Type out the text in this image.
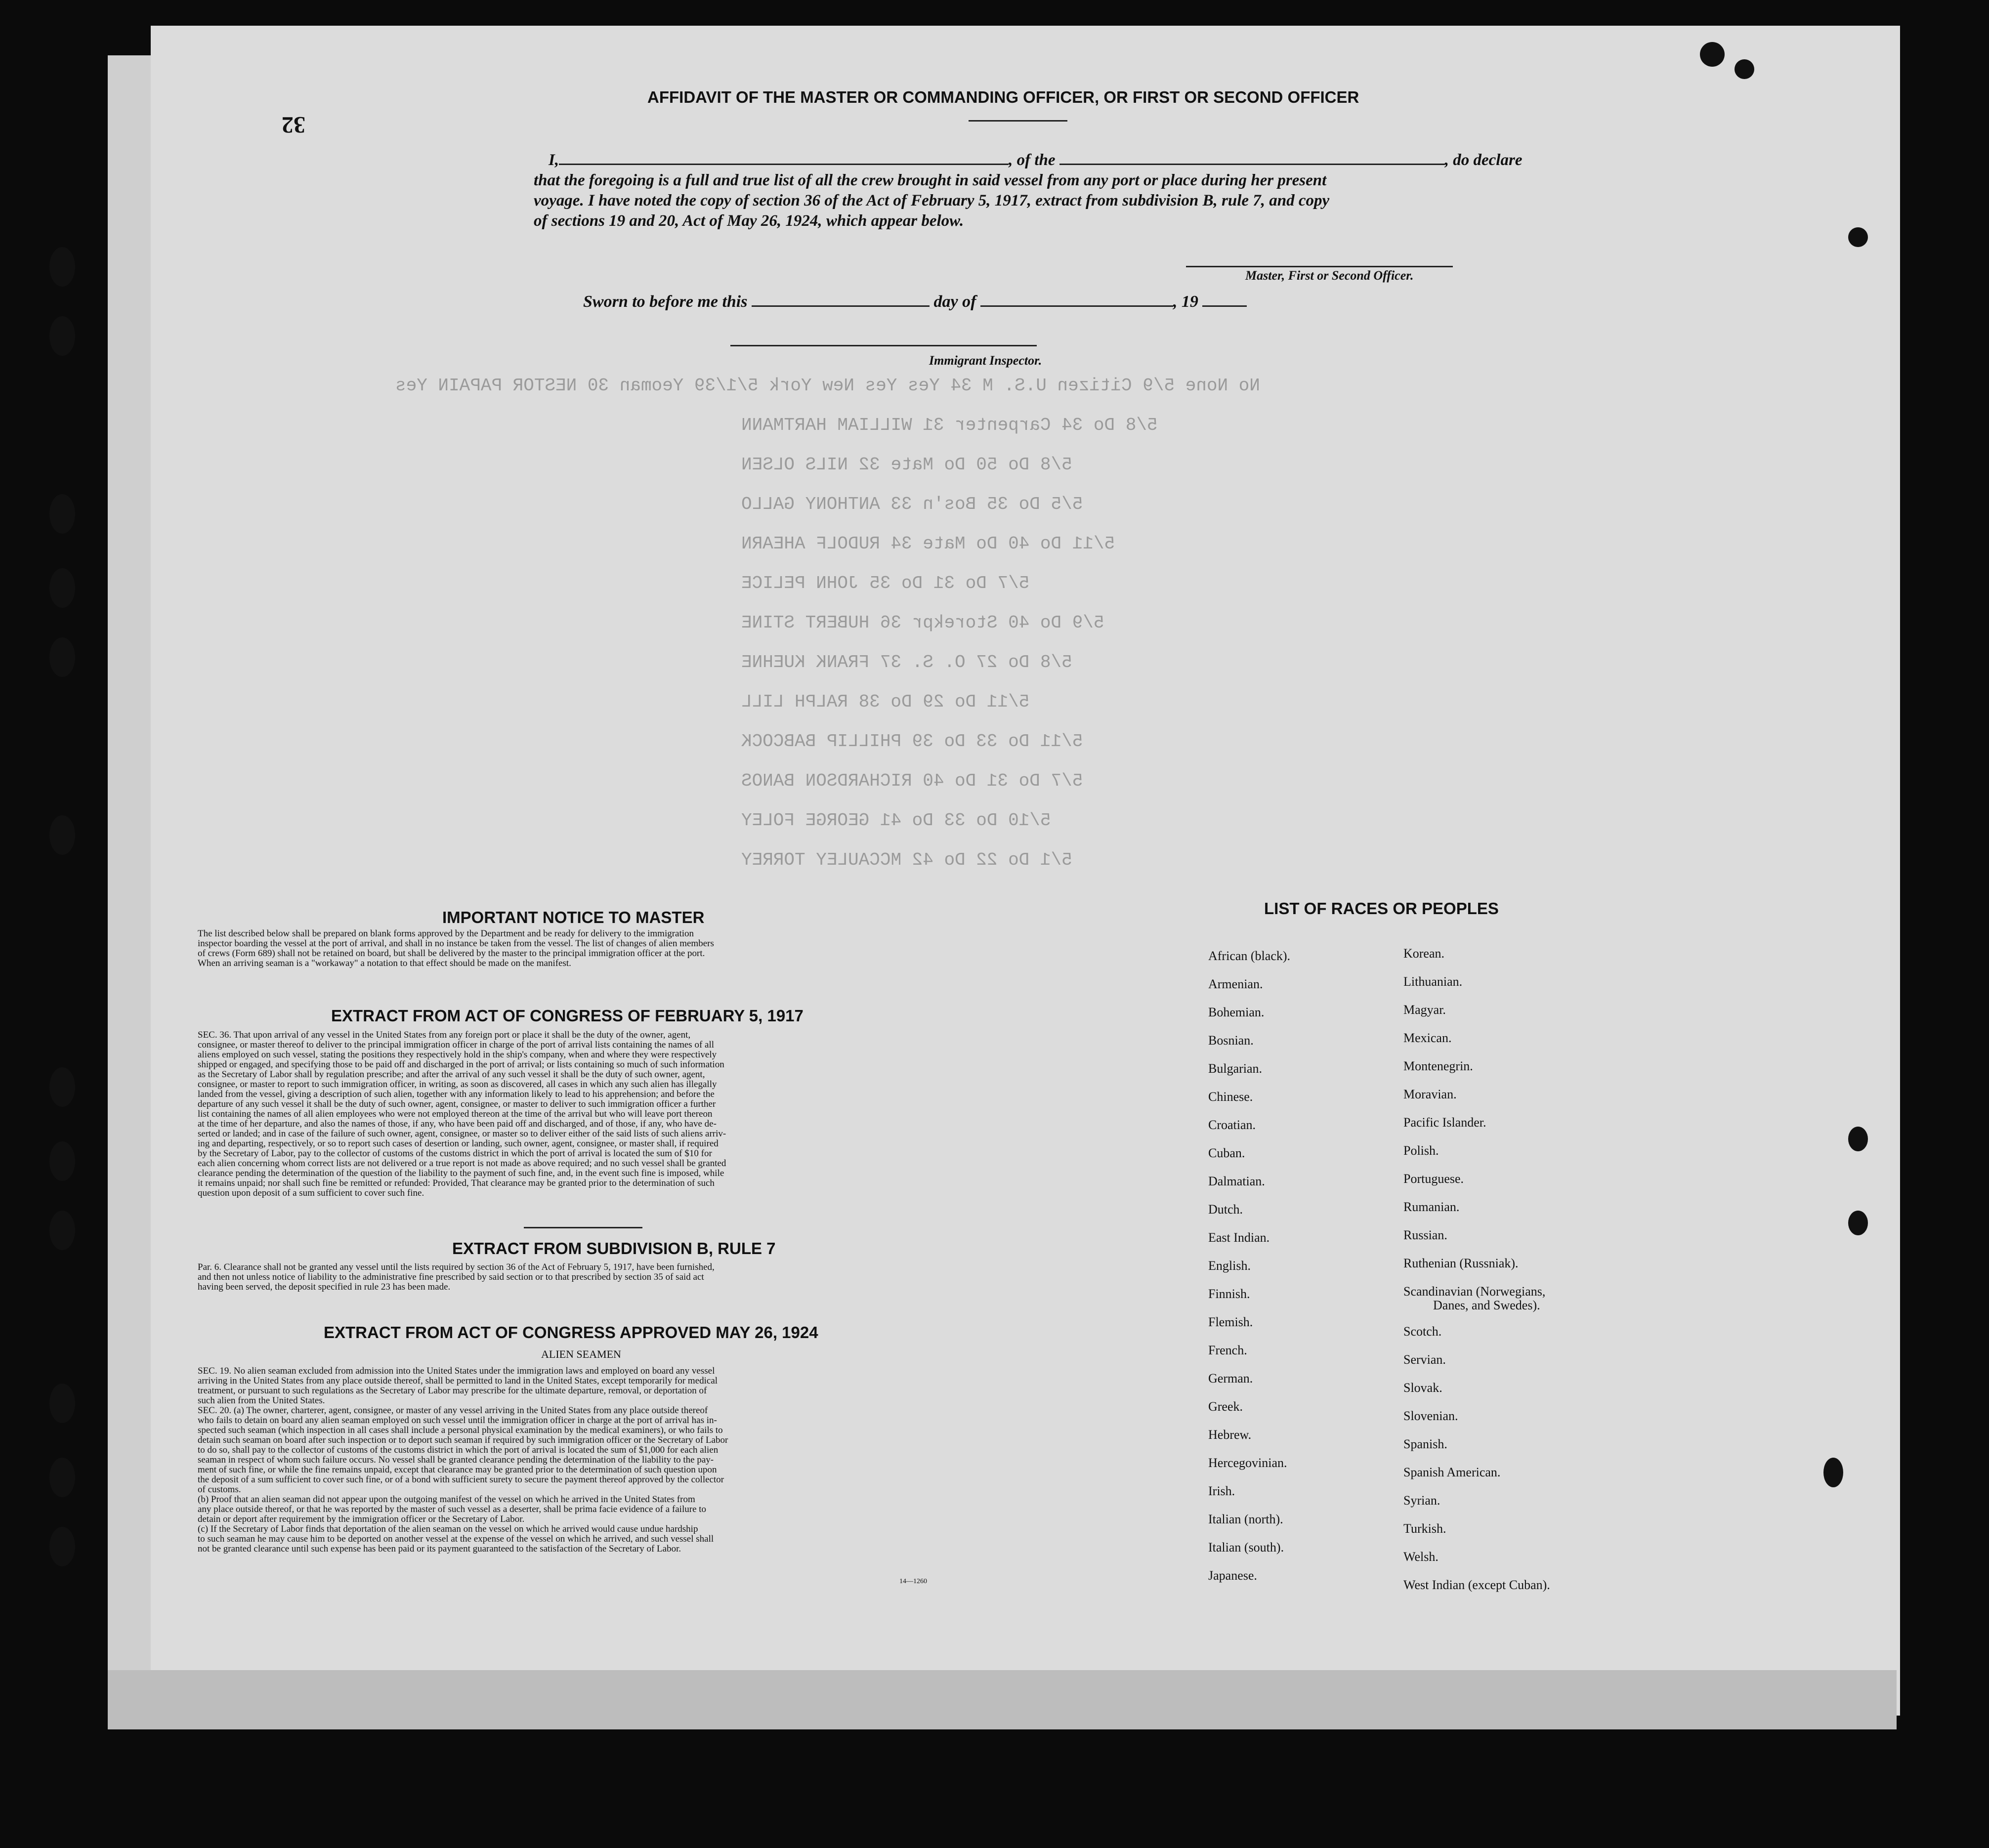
No None 5/9 Citizen U.S. M 34 Yes Yes New York 5/1/39 Yeoman 30 NESTOR PAPAIN Yes
5/8 Do 34 Carpenter 31 WILLIAM HARTMANN
5/8 Do 50 Do Mate 32 NILS OLSEN
5/5 Do 35 Bos'n 33 ANTHONY GALLO
5/11 Do 40 Do Mate 34 RUDOLF AHEARN
5/7 Do 31 Do 35 JOHN PELICE
5/9 Do 40 Storekpr 36 HUBERT STINE
5/8 Do 27 O. S. 37 FRANK KUEHNE
5/11 Do 29 Do 38 RALPH LILL
5/11 Do 33 Do 39 PHILLIP BABCOCK
5/7 Do 31 Do 40 RICHARDSON BANOS
5/10 Do 33 Do 41 GEORGE FOLEY
5/1 Do 22 Do 42 MCCAULEY TORREY
32
AFFIDAVIT OF THE MASTER OR COMMANDING OFFICER, OR FIRST OR SECOND OFFICER
I,	, of the	, do declare
that the foregoing is a full and true list of all the crew brought in said vessel from any port or place during her present
voyage. I have noted the copy of section 36 of the Act of February 5, 1917, extract from subdivision B, rule 7, and copy
of sections 19 and 20, Act of May 26, 1924, which appear below.
Master, First or Second Officer.
Sworn to before me this	day of	, 19
Immigrant Inspector.
IMPORTANT NOTICE TO MASTER
The list described below shall be prepared on blank forms approved by the Department and be ready for delivery to the immigration
inspector boarding the vessel at the port of arrival, and shall in no instance be taken from the vessel. The list of changes of alien members
of crews (Form 689) shall not be retained on board, but shall be delivered by the master to the principal immigration officer at the port.
When an arriving seaman is a "workaway" a notation to that effect should be made on the manifest.
EXTRACT FROM ACT OF CONGRESS OF FEBRUARY 5, 1917
SEC. 36. That upon arrival of any vessel in the United States from any foreign port or place it shall be the duty of the owner, agent,
consignee, or master thereof to deliver to the principal immigration officer in charge of the port of arrival lists containing the names of all
aliens employed on such vessel, stating the positions they respectively hold in the ship's company, when and where they were respectively
shipped or engaged, and specifying those to be paid off and discharged in the port of arrival; or lists containing so much of such information
as the Secretary of Labor shall by regulation prescribe; and after the arrival of any such vessel it shall be the duty of such owner, agent,
consignee, or master to report to such immigration officer, in writing, as soon as discovered, all cases in which any such alien has illegally
landed from the vessel, giving a description of such alien, together with any information likely to lead to his apprehension; and before the
departure of any such vessel it shall be the duty of such owner, agent, consignee, or master to deliver to such immigration officer a further
list containing the names of all alien employees who were not employed thereon at the time of the arrival but who will leave port thereon
at the time of her departure, and also the names of those, if any, who have been paid off and discharged, and of those, if any, who have de-
serted or landed; and in case of the failure of such owner, agent, consignee, or master so to deliver either of the said lists of such aliens arriv-
ing and departing, respectively, or so to report such cases of desertion or landing, such owner, agent, consignee, or master shall, if required
by the Secretary of Labor, pay to the collector of customs of the customs district in which the port of arrival is located the sum of $10 for
each alien concerning whom correct lists are not delivered or a true report is not made as above required; and no such vessel shall be granted
clearance pending the determination of the question of the liability to the payment of such fine, and, in the event such fine is imposed, while
it remains unpaid; nor shall such fine be remitted or refunded: Provided, That clearance may be granted prior to the determination of such
question upon deposit of a sum sufficient to cover such fine.
EXTRACT FROM SUBDIVISION B, RULE 7
Par. 6. Clearance shall not be granted any vessel until the lists required by section 36 of the Act of February 5, 1917, have been furnished,
and then not unless notice of liability to the administrative fine prescribed by said section or to that prescribed by section 35 of said act
having been served, the deposit specified in rule 23 has been made.
EXTRACT FROM ACT OF CONGRESS APPROVED MAY 26, 1924
ALIEN SEAMEN
SEC. 19. No alien seaman excluded from admission into the United States under the immigration laws and employed on board any vessel
arriving in the United States from any place outside thereof, shall be permitted to land in the United States, except temporarily for medical
treatment, or pursuant to such regulations as the Secretary of Labor may prescribe for the ultimate departure, removal, or deportation of
such alien from the United States.
SEC. 20. (a) The owner, charterer, agent, consignee, or master of any vessel arriving in the United States from any place outside thereof
who fails to detain on board any alien seaman employed on such vessel until the immigration officer in charge at the port of arrival has in-
spected such seaman (which inspection in all cases shall include a personal physical examination by the medical examiners), or who fails to
detain such seaman on board after such inspection or to deport such seaman if required by such immigration officer or the Secretary of Labor
to do so, shall pay to the collector of customs of the customs district in which the port of arrival is located the sum of $1,000 for each alien
seaman in respect of whom such failure occurs. No vessel shall be granted clearance pending the determination of the liability to the pay-
ment of such fine, or while the fine remains unpaid, except that clearance may be granted prior to the determination of such question upon
the deposit of a sum sufficient to cover such fine, or of a bond with sufficient surety to secure the payment thereof approved by the collector
of customs.
(b) Proof that an alien seaman did not appear upon the outgoing manifest of the vessel on which he arrived in the United States from
any place outside thereof, or that he was reported by the master of such vessel as a deserter, shall be prima facie evidence of a failure to
detain or deport after requirement by the immigration officer or the Secretary of Labor.
(c) If the Secretary of Labor finds that deportation of the alien seaman on the vessel on which he arrived would cause undue hardship
to such seaman he may cause him to be deported on another vessel at the expense of the vessel on which he arrived, and such vessel shall
not be granted clearance until such expense has been paid or its payment guaranteed to the satisfaction of the Secretary of Labor.
14—1260
LIST OF RACES OR PEOPLES
African (black).
Armenian.
Bohemian.
Bosnian.
Bulgarian.
Chinese.
Croatian.
Cuban.
Dalmatian.
Dutch.
East Indian.
English.
Finnish.
Flemish.
French.
German.
Greek.
Hebrew.
Hercegovinian.
Irish.
Italian (north).
Italian (south).
Japanese.
Korean.
Lithuanian.
Magyar.
Mexican.
Montenegrin.
Moravian.
Pacific Islander.
Polish.
Portuguese.
Rumanian.
Russian.
Ruthenian (Russniak).
Scandinavian (Norwegians,
Danes, and Swedes).
Scotch.
Servian.
Slovak.
Slovenian.
Spanish.
Spanish American.
Syrian.
Turkish.
Welsh.
West Indian (except Cuban).
